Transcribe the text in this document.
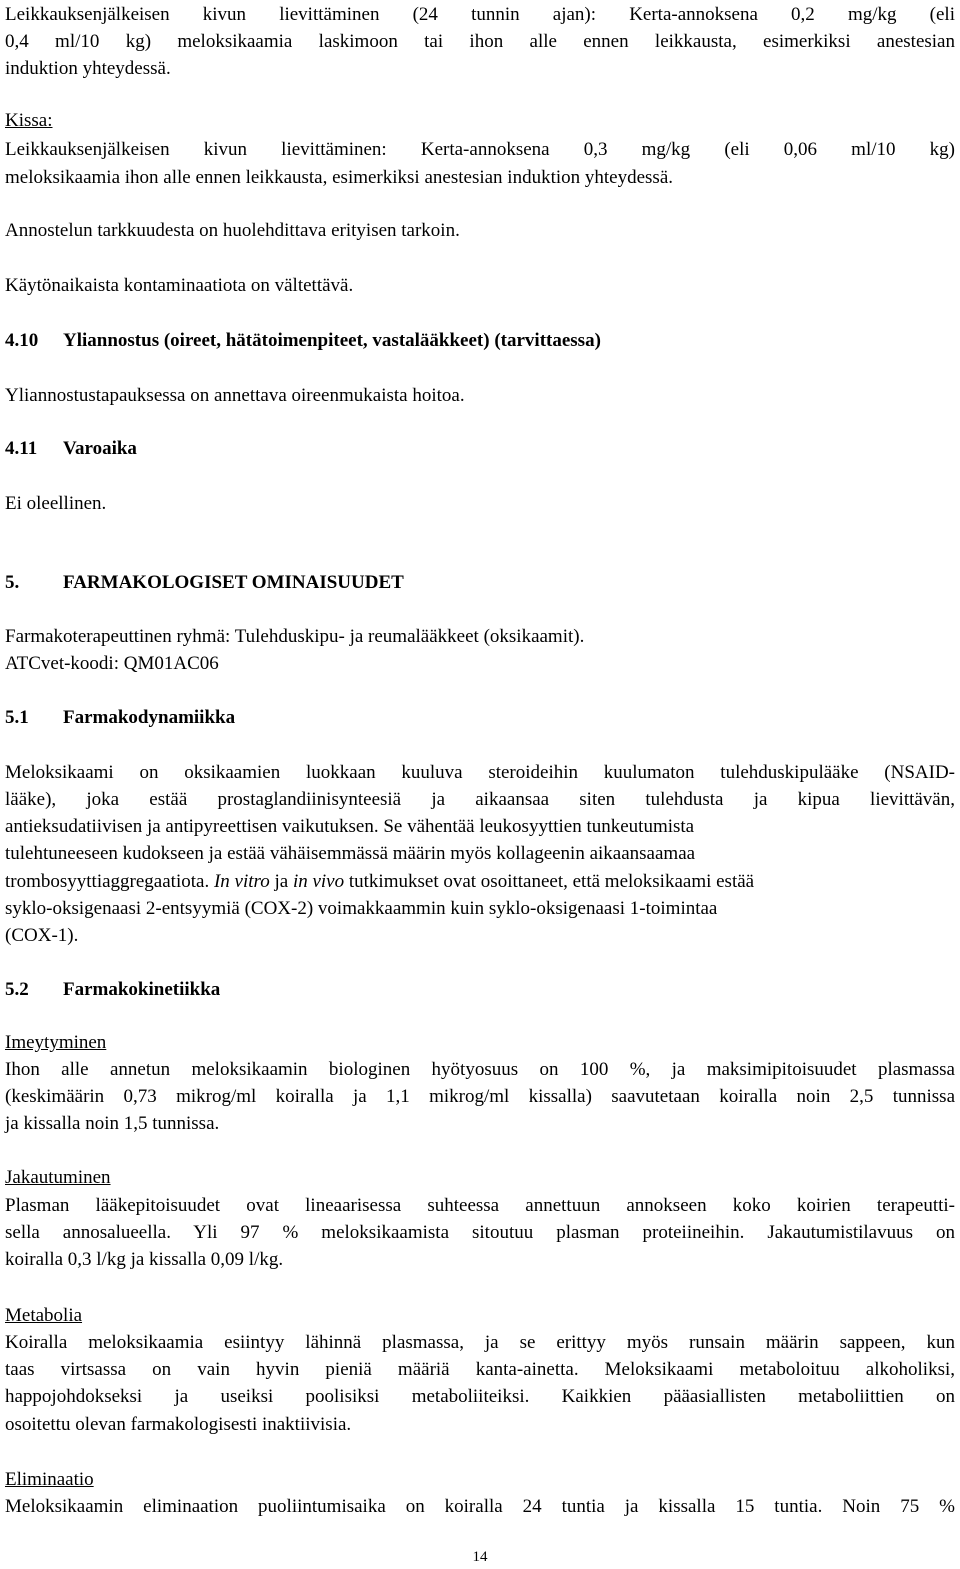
Leikkauksenjälkeisen kivun lievittäminen (24 tunnin ajan): Kerta-annoksena 0,2 mg/kg (eli
0,4 ml/10 kg) meloksikaamia laskimoon tai ihon alle ennen leikkausta, esimerkiksi anestesian
induktion yhteydessä.
Kissa:
Leikkauksenjälkeisen kivun lievittäminen: Kerta-annoksena 0,3 mg/kg (eli 0,06 ml/10 kg)
meloksikaamia ihon alle ennen leikkausta, esimerkiksi anestesian induktion yhteydessä.
Annostelun tarkkuudesta on huolehdittava erityisen tarkoin.
Käytönaikaista kontaminaatiota on vältettävä.
4.10 Yliannostus (oireet, hätätoimenpiteet, vastalääkkeet) (tarvittaessa)
Yliannostustapauksessa on annettava oireenmukaista hoitoa.
4.11 Varoaika
Ei oleellinen.
5. FARMAKOLOGISET OMINAISUUDET
Farmakoterapeuttinen ryhmä: Tulehduskipu- ja reumalääkkeet (oksikaamit).
ATCvet-koodi: QM01AC06
5.1 Farmakodynamiikka
Meloksikaami on oksikaamien luokkaan kuuluva steroideihin kuulumaton tulehduskipulääke (NSAID-
lääke), joka estää prostaglandiinisynteesiä ja aikaansaa siten tulehdusta ja kipua lievittävän,
antieksudatiivisen ja antipyreettisen vaikutuksen. Se vähentää leukosyyttien tunkeutumista
tulehtuneeseen kudokseen ja estää vähäisemmässä määrin myös kollageenin aikaansaamaa
trombosyyttiaggregaatiota. In vitro ja in vivo tutkimukset ovat osoittaneet, että meloksikaami estää
syklo-oksigenaasi 2-entsyymiä (COX-2) voimakkaammin kuin syklo-oksigenaasi 1-toimintaa
(COX-1).
5.2 Farmakokinetiikka
Imeytyminen
Ihon alle annetun meloksikaamin biologinen hyötyosuus on 100 %, ja maksimipitoisuudet plasmassa
(keskimäärin 0,73 mikrog/ml koiralla ja 1,1 mikrog/ml kissalla) saavutetaan koiralla noin 2,5 tunnissa
ja kissalla noin 1,5 tunnissa.
Jakautuminen
Plasman lääkepitoisuudet ovat lineaarisessa suhteessa annettuun annokseen koko koirien terapeutti-
sella annosalueella. Yli 97 % meloksikaamista sitoutuu plasman proteiineihin. Jakautumistilavuus on
koiralla 0,3 l/kg ja kissalla 0,09 l/kg.
Metabolia
Koiralla meloksikaamia esiintyy lähinnä plasmassa, ja se erittyy myös runsain määrin sappeen, kun
taas virtsassa on vain hyvin pieniä määriä kanta-ainetta. Meloksikaami metaboloituu alkoholiksi,
happojohdokseksi ja useiksi poolisiksi metaboliiteiksi. Kaikkien pääasiallisten metaboliittien on
osoitettu olevan farmakologisesti inaktiivisia.
Eliminaatio
Meloksikaamin eliminaation puoliintumisaika on koiralla 24 tuntia ja kissalla 15 tuntia. Noin 75 %
14
